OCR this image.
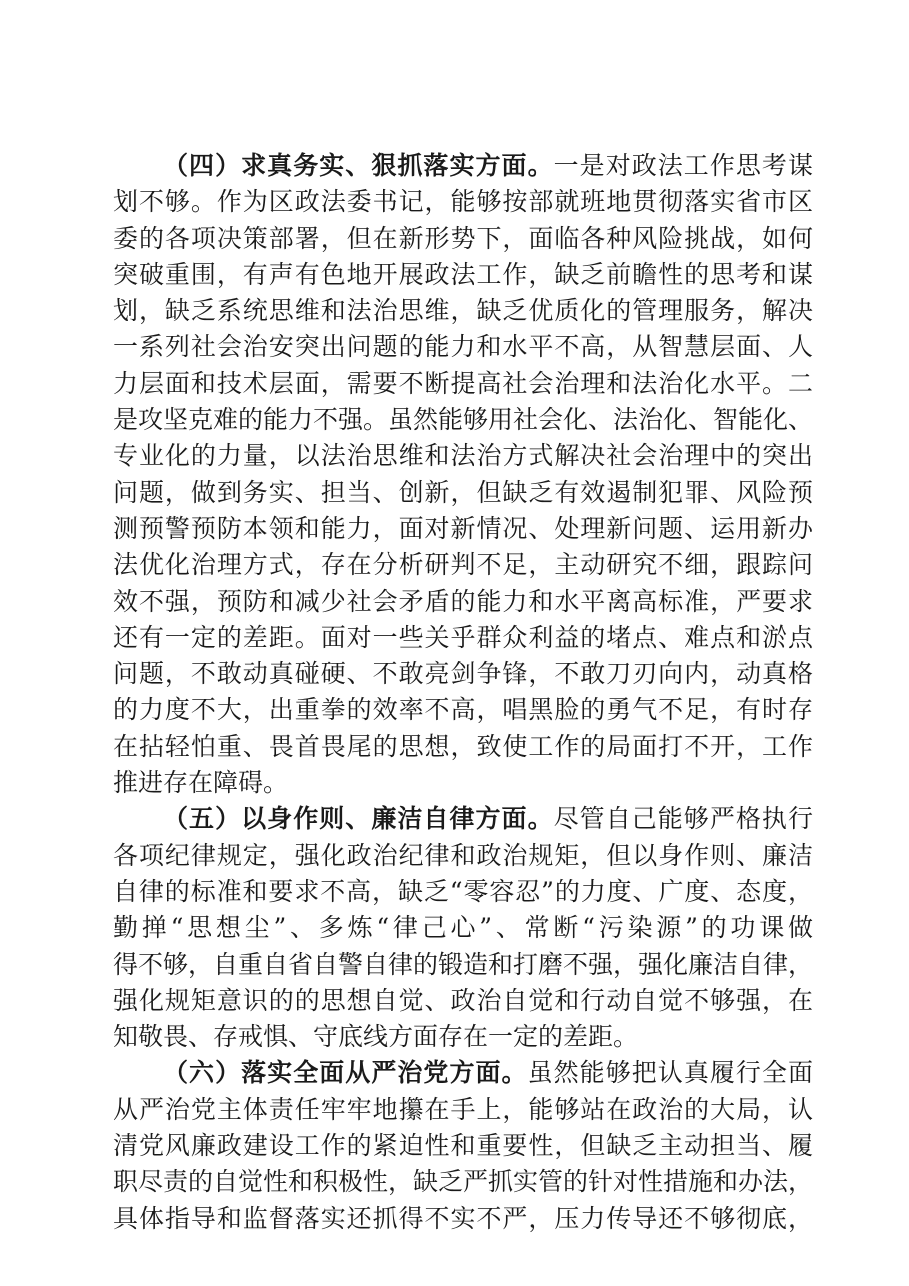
（四）求真务实、狠抓落实方面。一是对政法工作思考谋
划不够。作为区政法委书记，能够按部就班地贯彻落实省市区
委的各项决策部署，但在新形势下，面临各种风险挑战，如何
突破重围，有声有色地开展政法工作，缺乏前瞻性的思考和谋
划，缺乏系统思维和法治思维，缺乏优质化的管理服务，解决
一系列社会治安突出问题的能力和水平不高，从智慧层面、人
力层面和技术层面，需要不断提高社会治理和法治化水平。二
是攻坚克难的能力不强。虽然能够用社会化、法治化、智能化、
专业化的力量，以法治思维和法治方式解决社会治理中的突出
问题，做到务实、担当、创新，但缺乏有效遏制犯罪、风险预
测预警预防本领和能力，面对新情况、处理新问题、运用新办
法优化治理方式，存在分析研判不足，主动研究不细，跟踪问
效不强，预防和减少社会矛盾的能力和水平离高标准，严要求
还有一定的差距。面对一些关乎群众利益的堵点、难点和淤点
问题，不敢动真碰硬、不敢亮剑争锋，不敢刀刃向内，动真格
的力度不大，出重拳的效率不高，唱黑脸的勇气不足，有时存
在拈轻怕重、畏首畏尾的思想，致使工作的局面打不开，工作
推进存在障碍。
（五）以身作则、廉洁自律方面。尽管自己能够严格执行
各项纪律规定，强化政治纪律和政治规矩，但以身作则、廉洁
自律的标准和要求不高，缺乏“零容忍”的力度、广度、态度，
勤掸“思想尘”、多炼“律己心”、常断“污染源”的功课做
得不够，自重自省自警自律的锻造和打磨不强，强化廉洁自律，
强化规矩意识的的思想自觉、政治自觉和行动自觉不够强，在
知敬畏、存戒惧、守底线方面存在一定的差距。
（六）落实全面从严治党方面。虽然能够把认真履行全面
从严治党主体责任牢牢地攥在手上，能够站在政治的大局，认
清党风廉政建设工作的紧迫性和重要性，但缺乏主动担当、履
职尽责的自觉性和积极性，缺乏严抓实管的针对性措施和办法，
具体指导和监督落实还抓得不实不严，压力传导还不够彻底，
